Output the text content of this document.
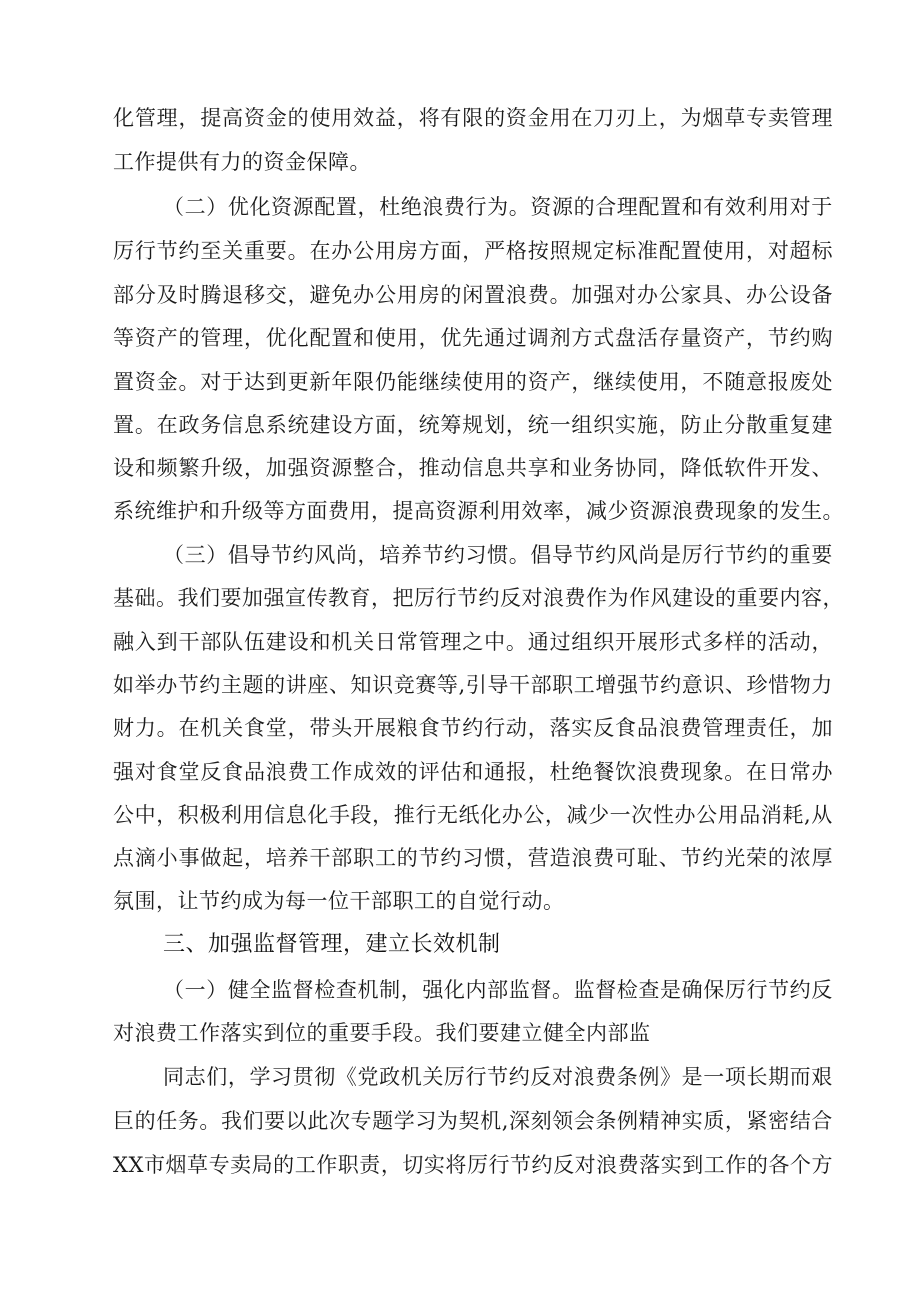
化 管 理 ， 提 高 资 金 的 使 用 效 益 ， 将 有 限 的 资 金 用 在 刀 刃 上 ， 为 烟 草 专 卖 管 理
工作提供有力的资金保障。
（ 二 ） 优 化 资 源 配 置 ， 杜 绝 浪 费 行 为 。 资 源 的 合 理 配 置 和 有 效 利 用 对 于
厉 行 节 约 至 关 重 要 。 在 办 公 用 房 方 面 ， 严 格 按 照 规 定 标 准 配 置 使 用 ， 对 超 标
部 分 及 时 腾 退 移 交 ， 避 免 办 公 用 房 的 闲 置 浪 费 。 加 强 对 办 公 家 具 、 办 公 设 备
等 资 产 的 管 理 ， 优 化 配 置 和 使 用 ， 优 先 通 过 调 剂 方 式 盘 活 存 量 资 产 ， 节 约 购
置 资 金 。 对 于 达 到 更 新 年 限 仍 能 继 续 使 用 的 资 产 ， 继 续 使 用 ， 不 随 意 报 废 处
置 。 在 政 务 信 息 系 统 建 设 方 面 ， 统 筹 规 划 ， 统 一 组 织 实 施 ， 防 止 分 散 重 复 建
设 和 频 繁 升 级 ， 加 强 资 源 整 合 ， 推 动 信 息 共 享 和 业 务 协 同 ， 降 低 软 件 开 发 、
系 统 维 护 和 升 级 等 方 面 费 用 ， 提 高 资 源 利 用 效 率 ， 减 少 资 源 浪 费 现 象 的 发 生 。
（ 三 ） 倡 导 节 约 风 尚 ， 培 养 节 约 习 惯 。 倡 导 节 约 风 尚 是 厉 行 节 约 的 重 要
基 础 。 我 们 要 加 强 宣 传 教 育 ， 把 厉 行 节 约 反 对 浪 费 作 为 作 风 建 设 的 重 要 内 容 ，
融 入 到 干 部 队 伍 建 设 和 机 关 日 常 管 理 之 中 。 通 过 组 织 开 展 形 式 多 样 的 活 动 ，
如 举 办 节 约 主 题 的 讲 座 、 知 识 竞 赛 等 , 引 导 干 部 职 工 增 强 节 约 意 识 、 珍 惜 物 力
财 力 。 在 机 关 食 堂 ， 带 头 开 展 粮 食 节 约 行 动 ， 落 实 反 食 品 浪 费 管 理 责 任 ， 加
强 对 食 堂 反 食 品 浪 费 工 作 成 效 的 评 估 和 通 报 ， 杜 绝 餐 饮 浪 费 现 象 。 在 日 常 办
公 中 ， 积 极 利 用 信 息 化 手 段 ， 推 行 无 纸 化 办 公 ， 减 少 一 次 性 办 公 用 品 消 耗 , 从
点 滴 小 事 做 起 ， 培 养 干 部 职 工 的 节 约 习 惯 ， 营 造 浪 费 可 耻 、 节 约 光 荣 的 浓 厚
氛围，让节约成为每一位干部职工的自觉行动。
三、加强监督管理，建立长效机制
（ 一 ） 健 全 监 督 检 查 机 制 ， 强 化 内 部 监 督 。 监 督 检 查 是 确 保 厉 行 节 约 反
对浪费工作落实到位的重要手段。我们要建立健全内部监
同 志 们 ， 学 习 贯 彻 《 党 政 机 关 厉 行 节 约 反 对 浪 费 条 例 》 是 一 项 长 期 而 艰
巨 的 任 务 。 我 们 要 以 此 次 专 题 学 习 为 契 机 , 深 刻 领 会 条 例 精 神 实 质 ， 紧 密 结 合
X X 市 烟 草 专 卖 局 的 工 作 职 责 ， 切 实 将 厉 行 节 约 反 对 浪 费 落 实 到 工 作 的 各 个 方
